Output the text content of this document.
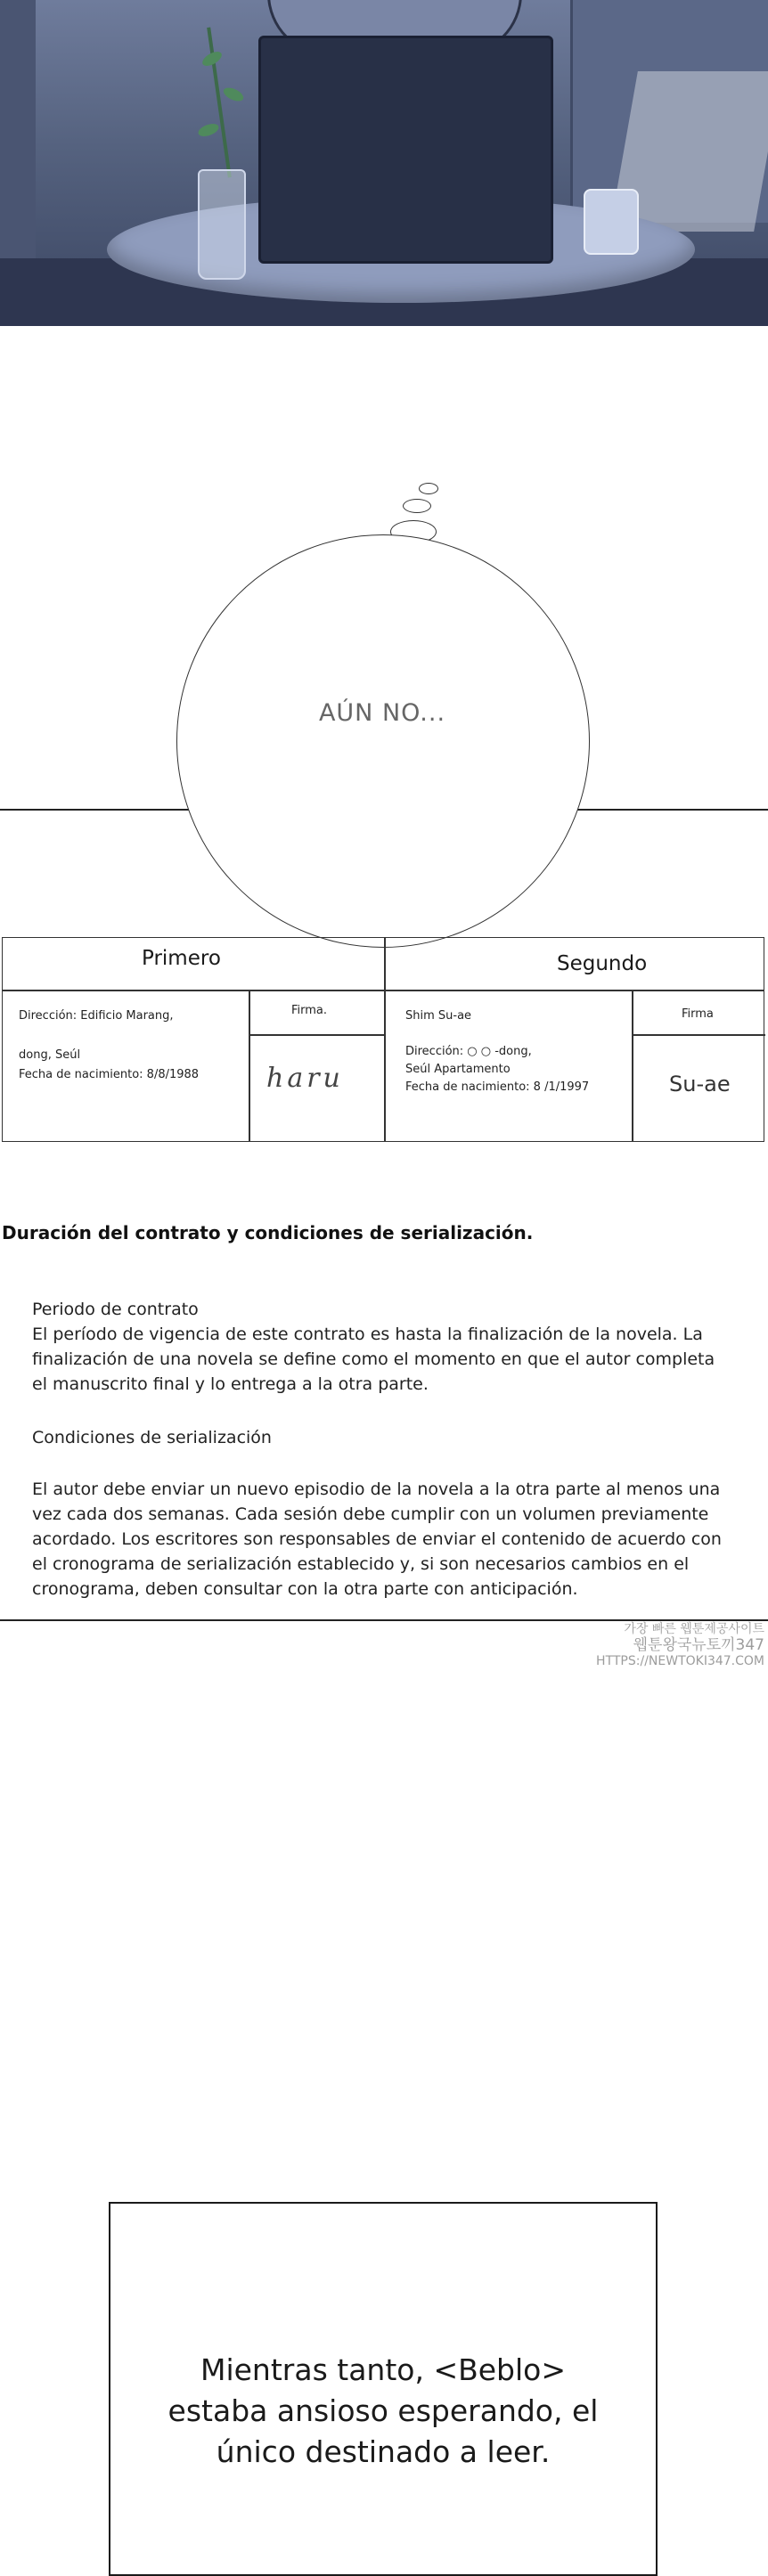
AÚN NO...
Primero	Segundo
Dirección: Edificio Marang,
dong, Seúl
Fecha de nacimiento: 8/8/1988
Firma.
haru
Shim Su-ae
Dirección: ○ ○ -dong,
Seúl Apartamento
Fecha de nacimiento: 8 /1/1997
Firma
Su-ae
Duración del contrato y condiciones de serialización.
Periodo de contrato
El período de vigencia de este contrato es hasta la finalización de la novela. La finalización de una novela se define como el momento en que el autor completa el manuscrito final y lo entrega a la otra parte.
Condiciones de serialización
El autor debe enviar un nuevo episodio de la novela a la otra parte al menos una vez cada dos semanas. Cada sesión debe cumplir con un volumen previamente acordado. Los escritores son responsables de enviar el contenido de acuerdo con el cronograma de serialización establecido y, si son necesarios cambios en el cronograma, deben consultar con la otra parte con anticipación.
가장 빠른 웹툰제공사이트
웹툰왕국뉴토끼347
HTTPS://NEWTOKI347.COM
Mientras tanto, <Beblo>
estaba ansioso esperando, el
único destinado a leer.
